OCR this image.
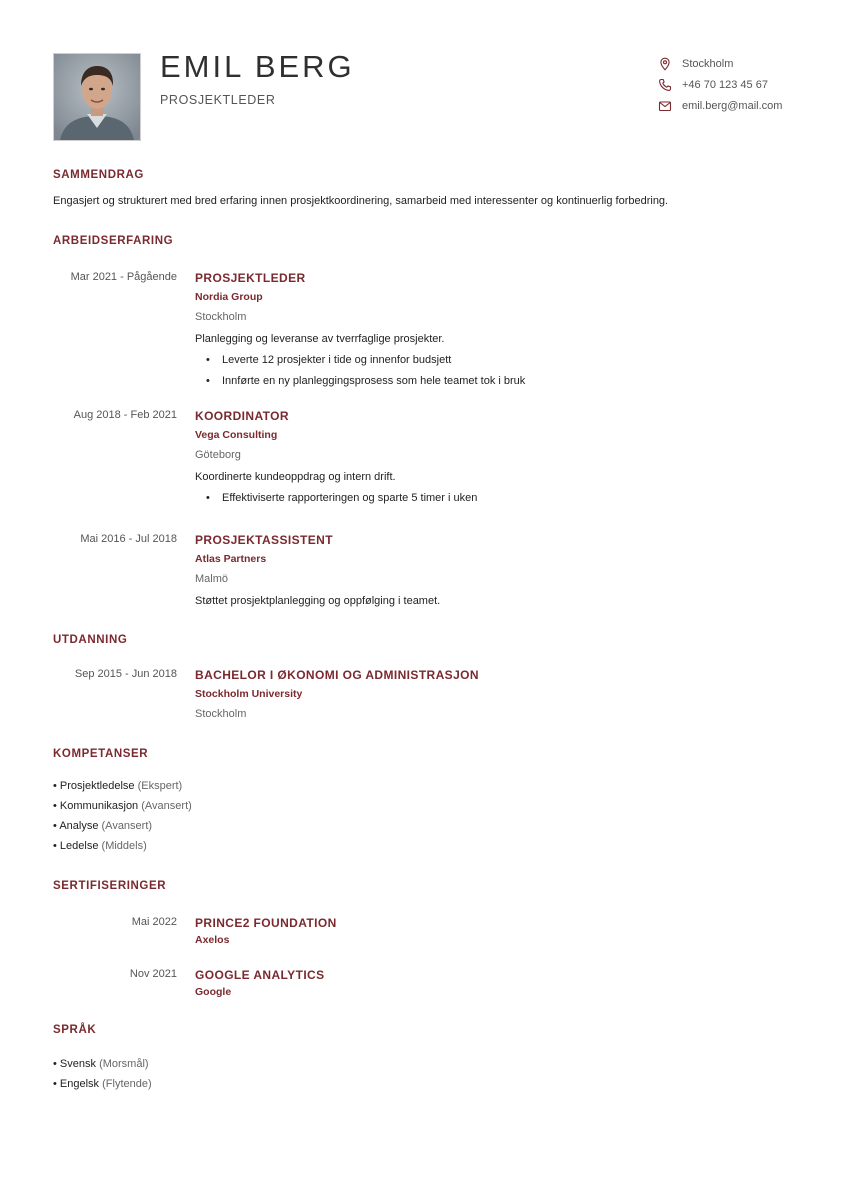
EMIL BERG
PROSJEKTLEDER
Stockholm
+46 70 123 45 67
emil.berg@mail.com
SAMMENDRAG
Engasjert og strukturert med bred erfaring innen prosjektkoordinering, samarbeid med interessenter og kontinuerlig forbedring.
ARBEIDSERFARING
Mar 2021 - Pågående PROSJEKTLEDER
Nordia Group
Stockholm
Planlegging og leveranse av tverrfaglige prosjekter.
• Leverte 12 prosjekter i tide og innenfor budsjett
• Innførte en ny planleggingsprosess som hele teamet tok i bruk
Aug 2018 - Feb 2021 KOORDINATOR
Vega Consulting
Göteborg
Koordinerte kundeoppdrag og intern drift.
• Effektiviserte rapporteringen og sparte 5 timer i uken
Mai 2016 - Jul 2018 PROSJEKTASSISTENT
Atlas Partners
Malmö
Støttet prosjektplanlegging og oppfølging i teamet.
UTDANNING
Sep 2015 - Jun 2018 BACHELOR I ØKONOMI OG ADMINISTRASJON
Stockholm University
Stockholm
KOMPETANSER
• Prosjektledelse (Ekspert)
• Kommunikasjon (Avansert)
• Analyse (Avansert)
• Ledelse (Middels)
SERTIFISERINGER
Mai 2022 PRINCE2 FOUNDATION
Axelos
Nov 2021 GOOGLE ANALYTICS
Google
SPRÅK
• Svensk (Morsmål)
• Engelsk (Flytende)
